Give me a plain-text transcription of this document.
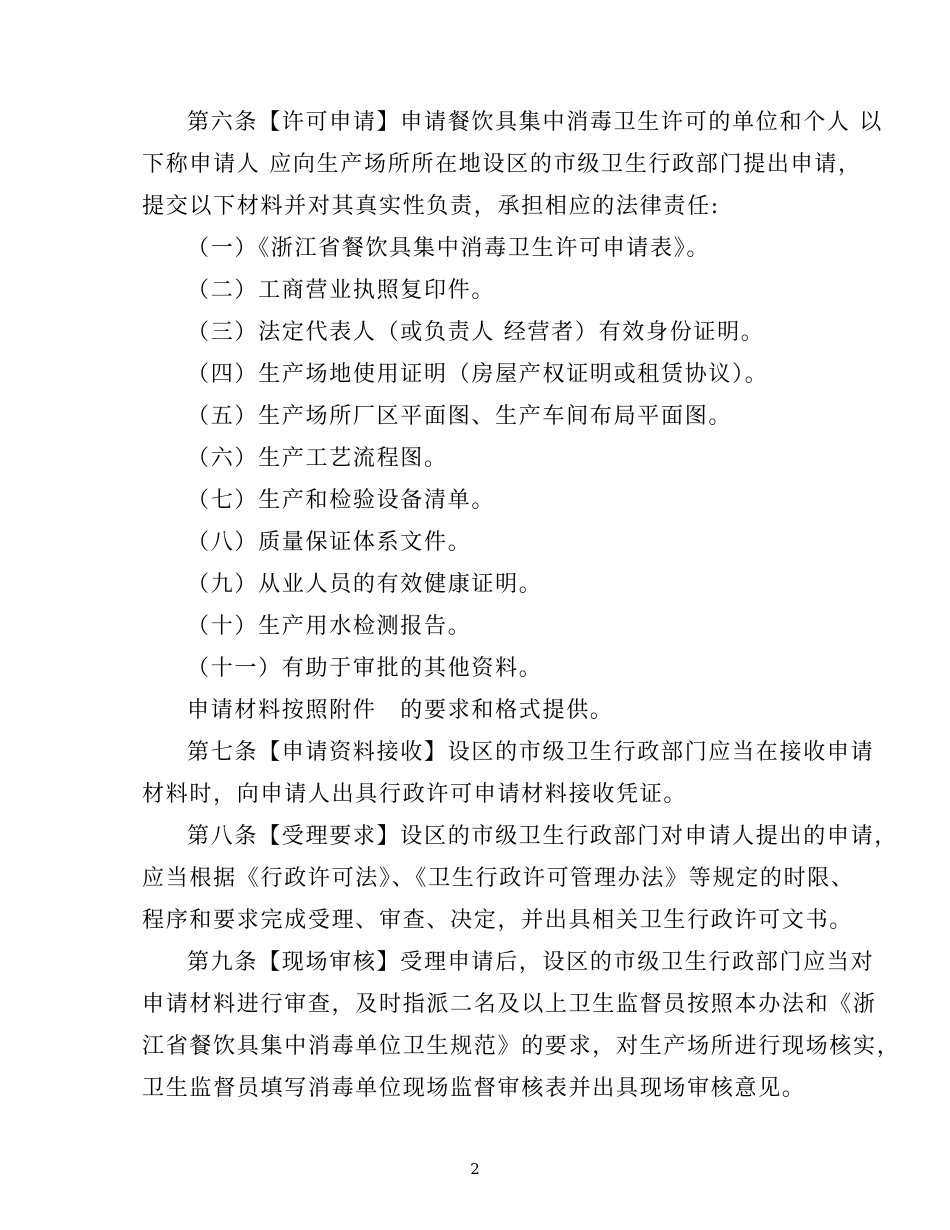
第六条【许可申请】申请餐饮具集中消毒卫生许可的单位和个人 以
下称申请人 应向生产场所所在地设区的市级卫生行政部门提出申请，
提交以下材料并对其真实性负责，承担相应的法律责任:
（一）《浙江省餐饮具集中消毒卫生许可申请表》。
（二）工商营业执照复印件。
（三）法定代表人（或负责人 经营者）有效身份证明。
（四）生产场地使用证明（房屋产权证明或租赁协议）。
（五）生产场所厂区平面图、生产车间布局平面图。
（六）生产工艺流程图。
（七）生产和检验设备清单。
（八）质量保证体系文件。
（九）从业人员的有效健康证明。
（十）生产用水检测报告。
（十一）有助于审批的其他资料。
申请材料按照附件　的要求和格式提供。
第七条【申请资料接收】设区的市级卫生行政部门应当在接收申请
材料时，向申请人出具行政许可申请材料接收凭证。
第八条【受理要求】设区的市级卫生行政部门对申请人提出的申请，
应当根据《行政许可法》、《卫生行政许可管理办法》等规定的时限、
程序和要求完成受理、审查、决定，并出具相关卫生行政许可文书。
第九条【现场审核】受理申请后，设区的市级卫生行政部门应当对
申请材料进行审查，及时指派二名及以上卫生监督员按照本办法和《浙
江省餐饮具集中消毒单位卫生规范》的要求，对生产场所进行现场核实，
卫生监督员填写消毒单位现场监督审核表并出具现场审核意见。
2
